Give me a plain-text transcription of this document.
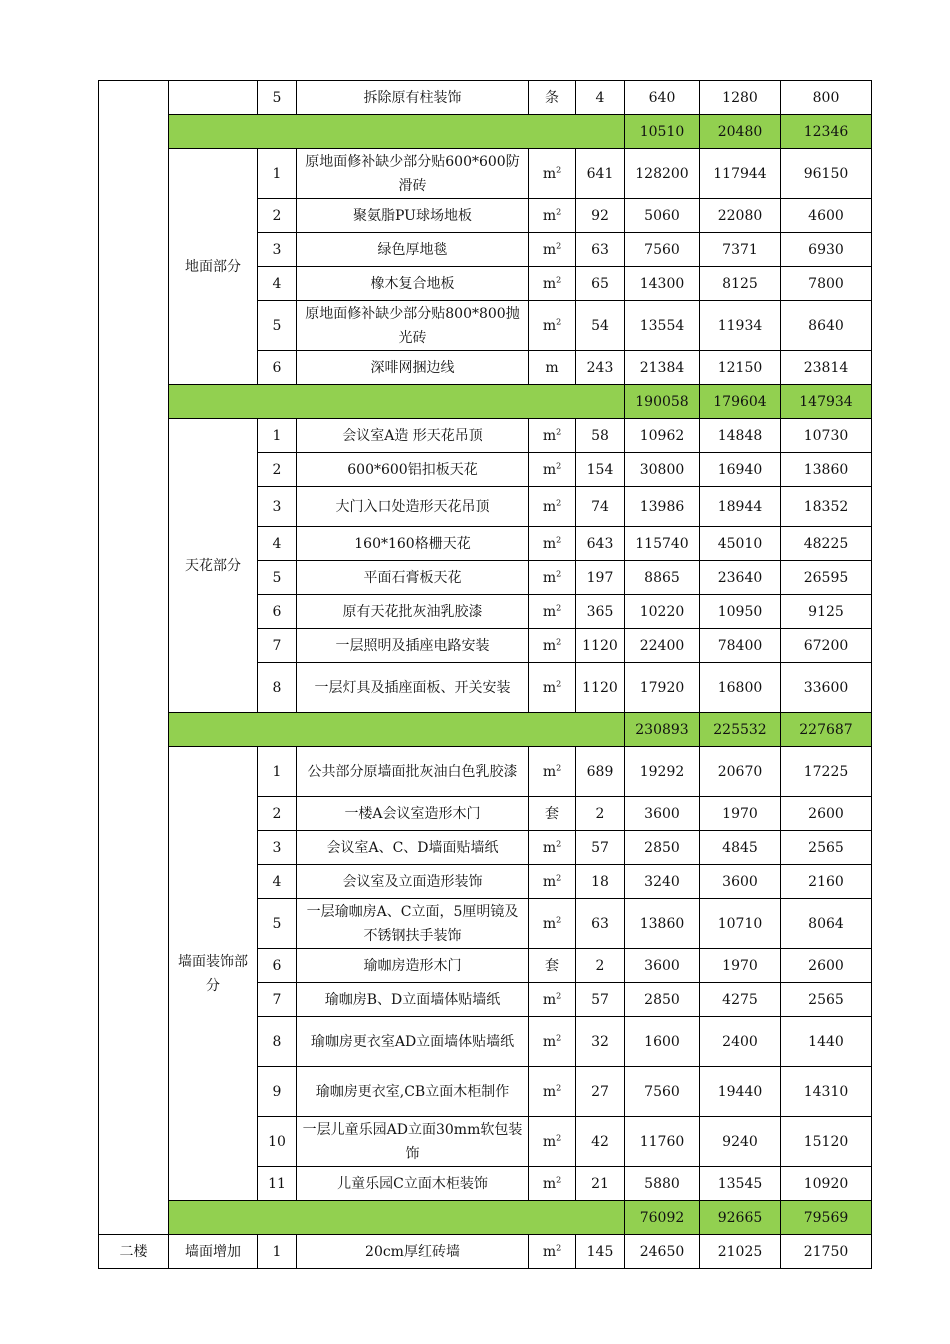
		5	拆除原有柱装饰	条	4	640	1280	800
						10510	20480	12346
	地面部分	1	原地面修补缺少部分贴600*600防滑砖	$m^2$	641	128200	117944	96150
		2	聚氨脂PU球场地板	$m^2$	92	5060	22080	4600
		3	绿色厚地毯	$m^2$	63	7560	7371	6930
		4	橡木复合地板	$m^2$	65	14300	8125	7800
		5	原地面修补缺少部分贴800*800抛光砖	$m^2$	54	13554	11934	8640
		6	深啡网捆边线	m	243	21384	12150	23814
						190058	179604	147934
	天花部分	1	会议室A造 形天花吊顶	$m^2$	58	10962	14848	10730
		2	600*600铝扣板天花	$m^2$	154	30800	16940	13860
		3	大门入口处造形天花吊顶	$m^2$	74	13986	18944	18352
		4	160*160格栅天花	$m^2$	643	115740	45010	48225
		5	平面石膏板天花	$m^2$	197	8865	23640	26595
		6	原有天花批灰油乳胶漆	$m^2$	365	10220	10950	9125
		7	一层照明及插座电路安装	$m^2$	1120	22400	78400	67200
		8	一层灯具及插座面板、开关安装	$m^2$	1120	17920	16800	33600
						230893	225532	227687
	墙面装饰部分	1	公共部分原墙面批灰油白色乳胶漆	$m^2$	689	19292	20670	17225
		2	一楼A会议室造形木门	套	2	3600	1970	2600
		3	会议室A、C、D墙面贴墙纸	$m^2$	57	2850	4845	2565
		4	会议室及立面造形装饰	$m^2$	18	3240	3600	2160
		5	一层瑜咖房A、C立面，5厘明镜及不锈钢扶手装饰	$m^2$	63	13860	10710	8064
		6	瑜咖房造形木门	套	2	3600	1970	2600
		7	瑜咖房B、D立面墙体贴墙纸	$m^2$	57	2850	4275	2565
		8	瑜咖房更衣室AD立面墙体贴墙纸	$m^2$	32	1600	2400	1440
		9	瑜咖房更衣室,CB立面木柜制作	$m^2$	27	7560	19440	14310
		10	一层儿童乐园AD立面30mm软包装饰	$m^2$	42	11760	9240	15120
		11	儿童乐园C立面木柜装饰	$m^2$	21	5880	13545	10920
						76092	92665	79569
二楼	墙面增加	1	20cm厚红砖墙	$m^2$	145	24650	21025	21750
